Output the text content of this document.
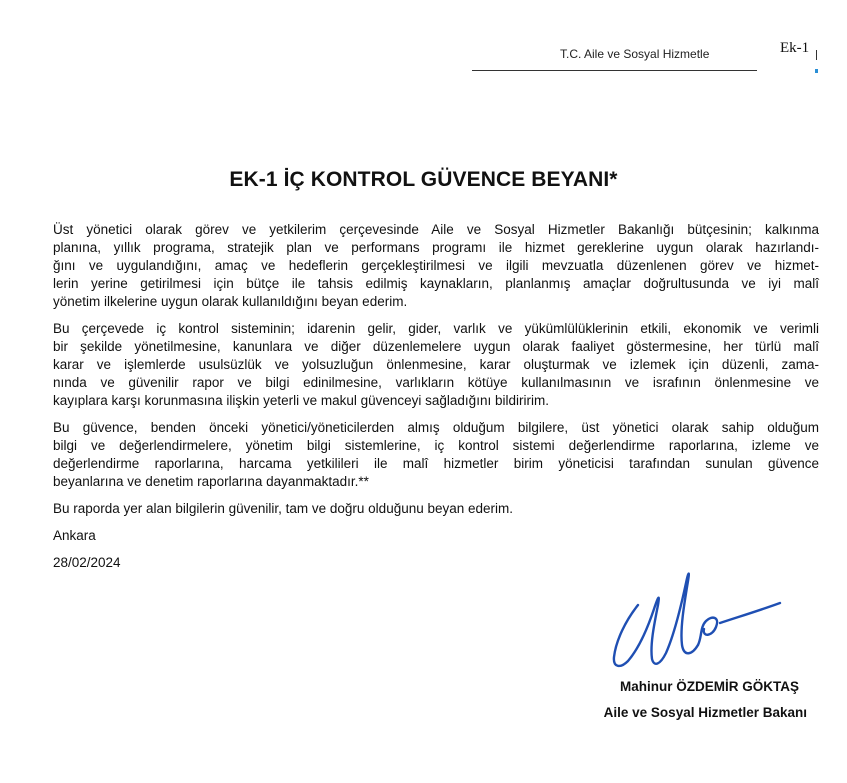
T.C. Aile ve Sosyal Hizmetle	Ek-1
EK-1 İÇ KONTROL GÜVENCE BEYANI*

Üst yönetici olarak görev ve yetkilerim çerçevesinde Aile ve Sosyal Hizmetler Bakanlığı bütçesinin; kalkınma
planına, yıllık programa, stratejik plan ve performans programı ile hizmet gereklerine uygun olarak hazırlandı-
ğını ve uygulandığını, amaç ve hedeflerin gerçekleştirilmesi ve ilgili mevzuatla düzenlenen görev ve hizmet-
lerin yerine getirilmesi için bütçe ile tahsis edilmiş kaynakların, planlanmış amaçlar doğrultusunda ve iyi malî
yönetim ilkelerine uygun olarak kullanıldığını beyan ederim.

Bu çerçevede iç kontrol sisteminin; idarenin gelir, gider, varlık ve yükümlülüklerinin etkili, ekonomik ve verimli
bir şekilde yönetilmesine, kanunlara ve diğer düzenlemelere uygun olarak faaliyet göstermesine, her türlü malî
karar ve işlemlerde usulsüzlük ve yolsuzluğun önlenmesine, karar oluşturmak ve izlemek için düzenli, zama-
nında ve güvenilir rapor ve bilgi edinilmesine, varlıkların kötüye kullanılmasının ve israfının önlenmesine ve
kayıplara karşı korunmasına ilişkin yeterli ve makul güvenceyi sağladığını bildiririm.

Bu güvence, benden önceki yönetici/yöneticilerden almış olduğum bilgilere, üst yönetici olarak sahip olduğum
bilgi ve değerlendirmelere, yönetim bilgi sistemlerine, iç kontrol sistemi değerlendirme raporlarına, izleme ve
değerlendirme raporlarına, harcama yetkilileri ile malî hizmetler birim yöneticisi tarafından sunulan güvence
beyanlarına ve denetim raporlarına dayanmaktadır.**

Bu raporda yer alan bilgilerin güvenilir, tam ve doğru olduğunu beyan ederim.

Ankara
28/02/2024
Mahinur ÖZDEMİR GÖKTAŞ
Aile ve Sosyal Hizmetler Bakanı
